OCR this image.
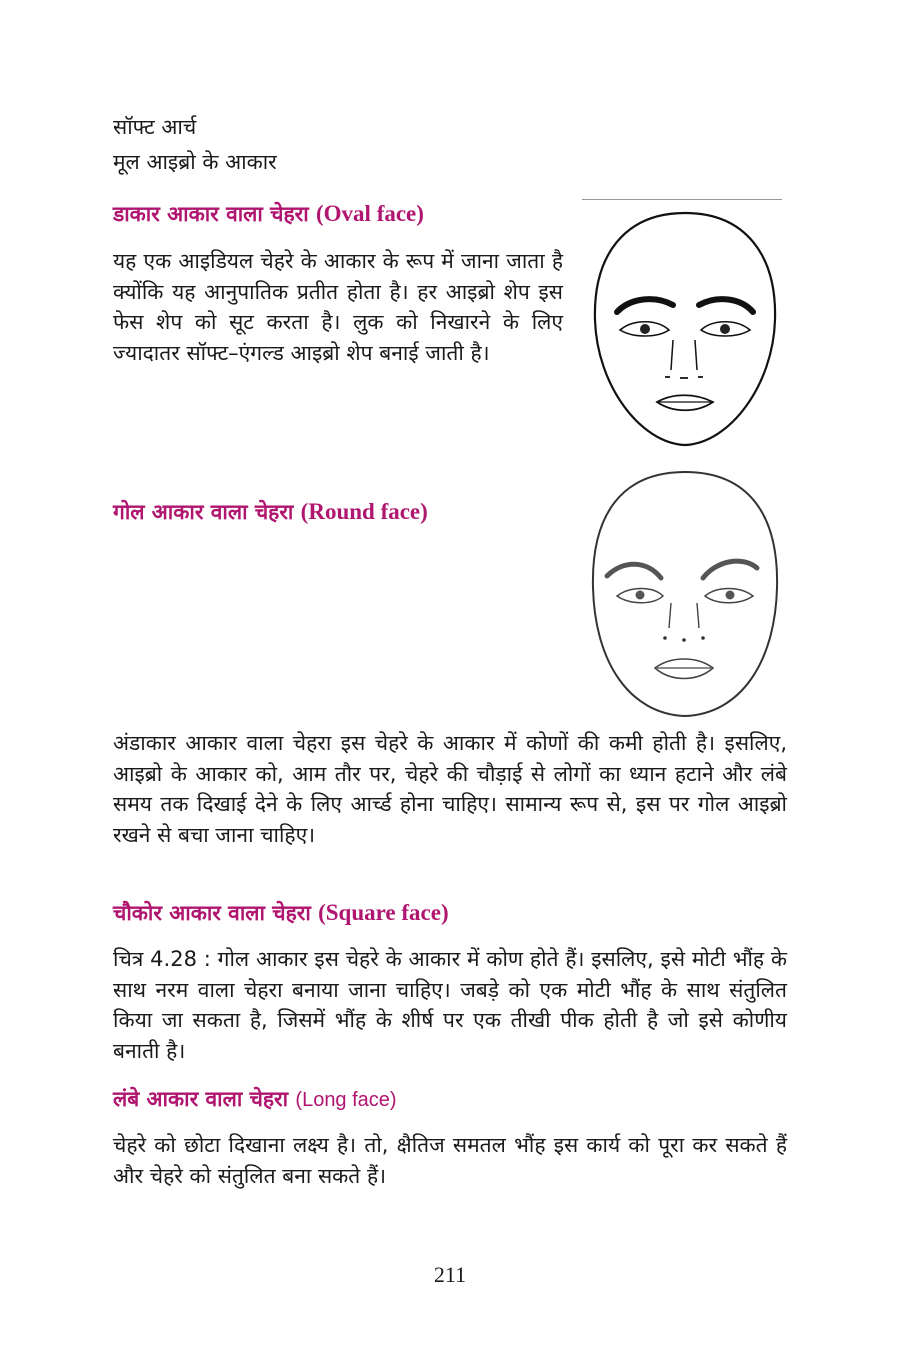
सॉफ्ट आर्च
मूल आइब्रो के आकार
डाकार आकार वाला चेहरा (Oval face)
यह एक आइडियल चेहरे के आकार के रूप में जाना जाता है क्योंकि यह आनुपातिक प्रतीत होता है। हर आइब्रो शेप इस फेस शेप को सूट करता है। लुक को निखारने के लिए ज्यादातर सॉफ्ट–एंगल्ड आइब्रो शेप बनाई जाती है।
गोल आकार वाला चेहरा (Round face)
अंडाकार आकार वाला चेहरा इस चेहरे के आकार में कोणों की कमी होती है। इसलिए, आइब्रो के आकार को, आम तौर पर, चेहरे की चौड़ाई से लोगों का ध्यान हटाने और लंबे समय तक दिखाई देने के लिए आर्च्ड होना चाहिए। सामान्य रूप से, इस पर गोल आइब्रो रखने से बचा जाना चाहिए।
चौकोर आकार वाला चेहरा (Square face)
चित्र 4.28 : गोल आकार इस चेहरे के आकार में कोण होते हैं। इसलिए, इसे मोटी भौंह के साथ नरम वाला चेहरा बनाया जाना चाहिए। जबड़े को एक मोटी भौंह के साथ संतुलित किया जा सकता है, जिसमें भौंह के शीर्ष पर एक तीखी पीक होती है जो इसे कोणीय बनाती है।
लंबे आकार वाला चेहरा (Long face)
चेहरे को छोटा दिखाना लक्ष्य है। तो, क्षैतिज समतल भौंह इस कार्य को पूरा कर सकते हैं और चेहरे को संतुलित बना सकते हैं।
211
